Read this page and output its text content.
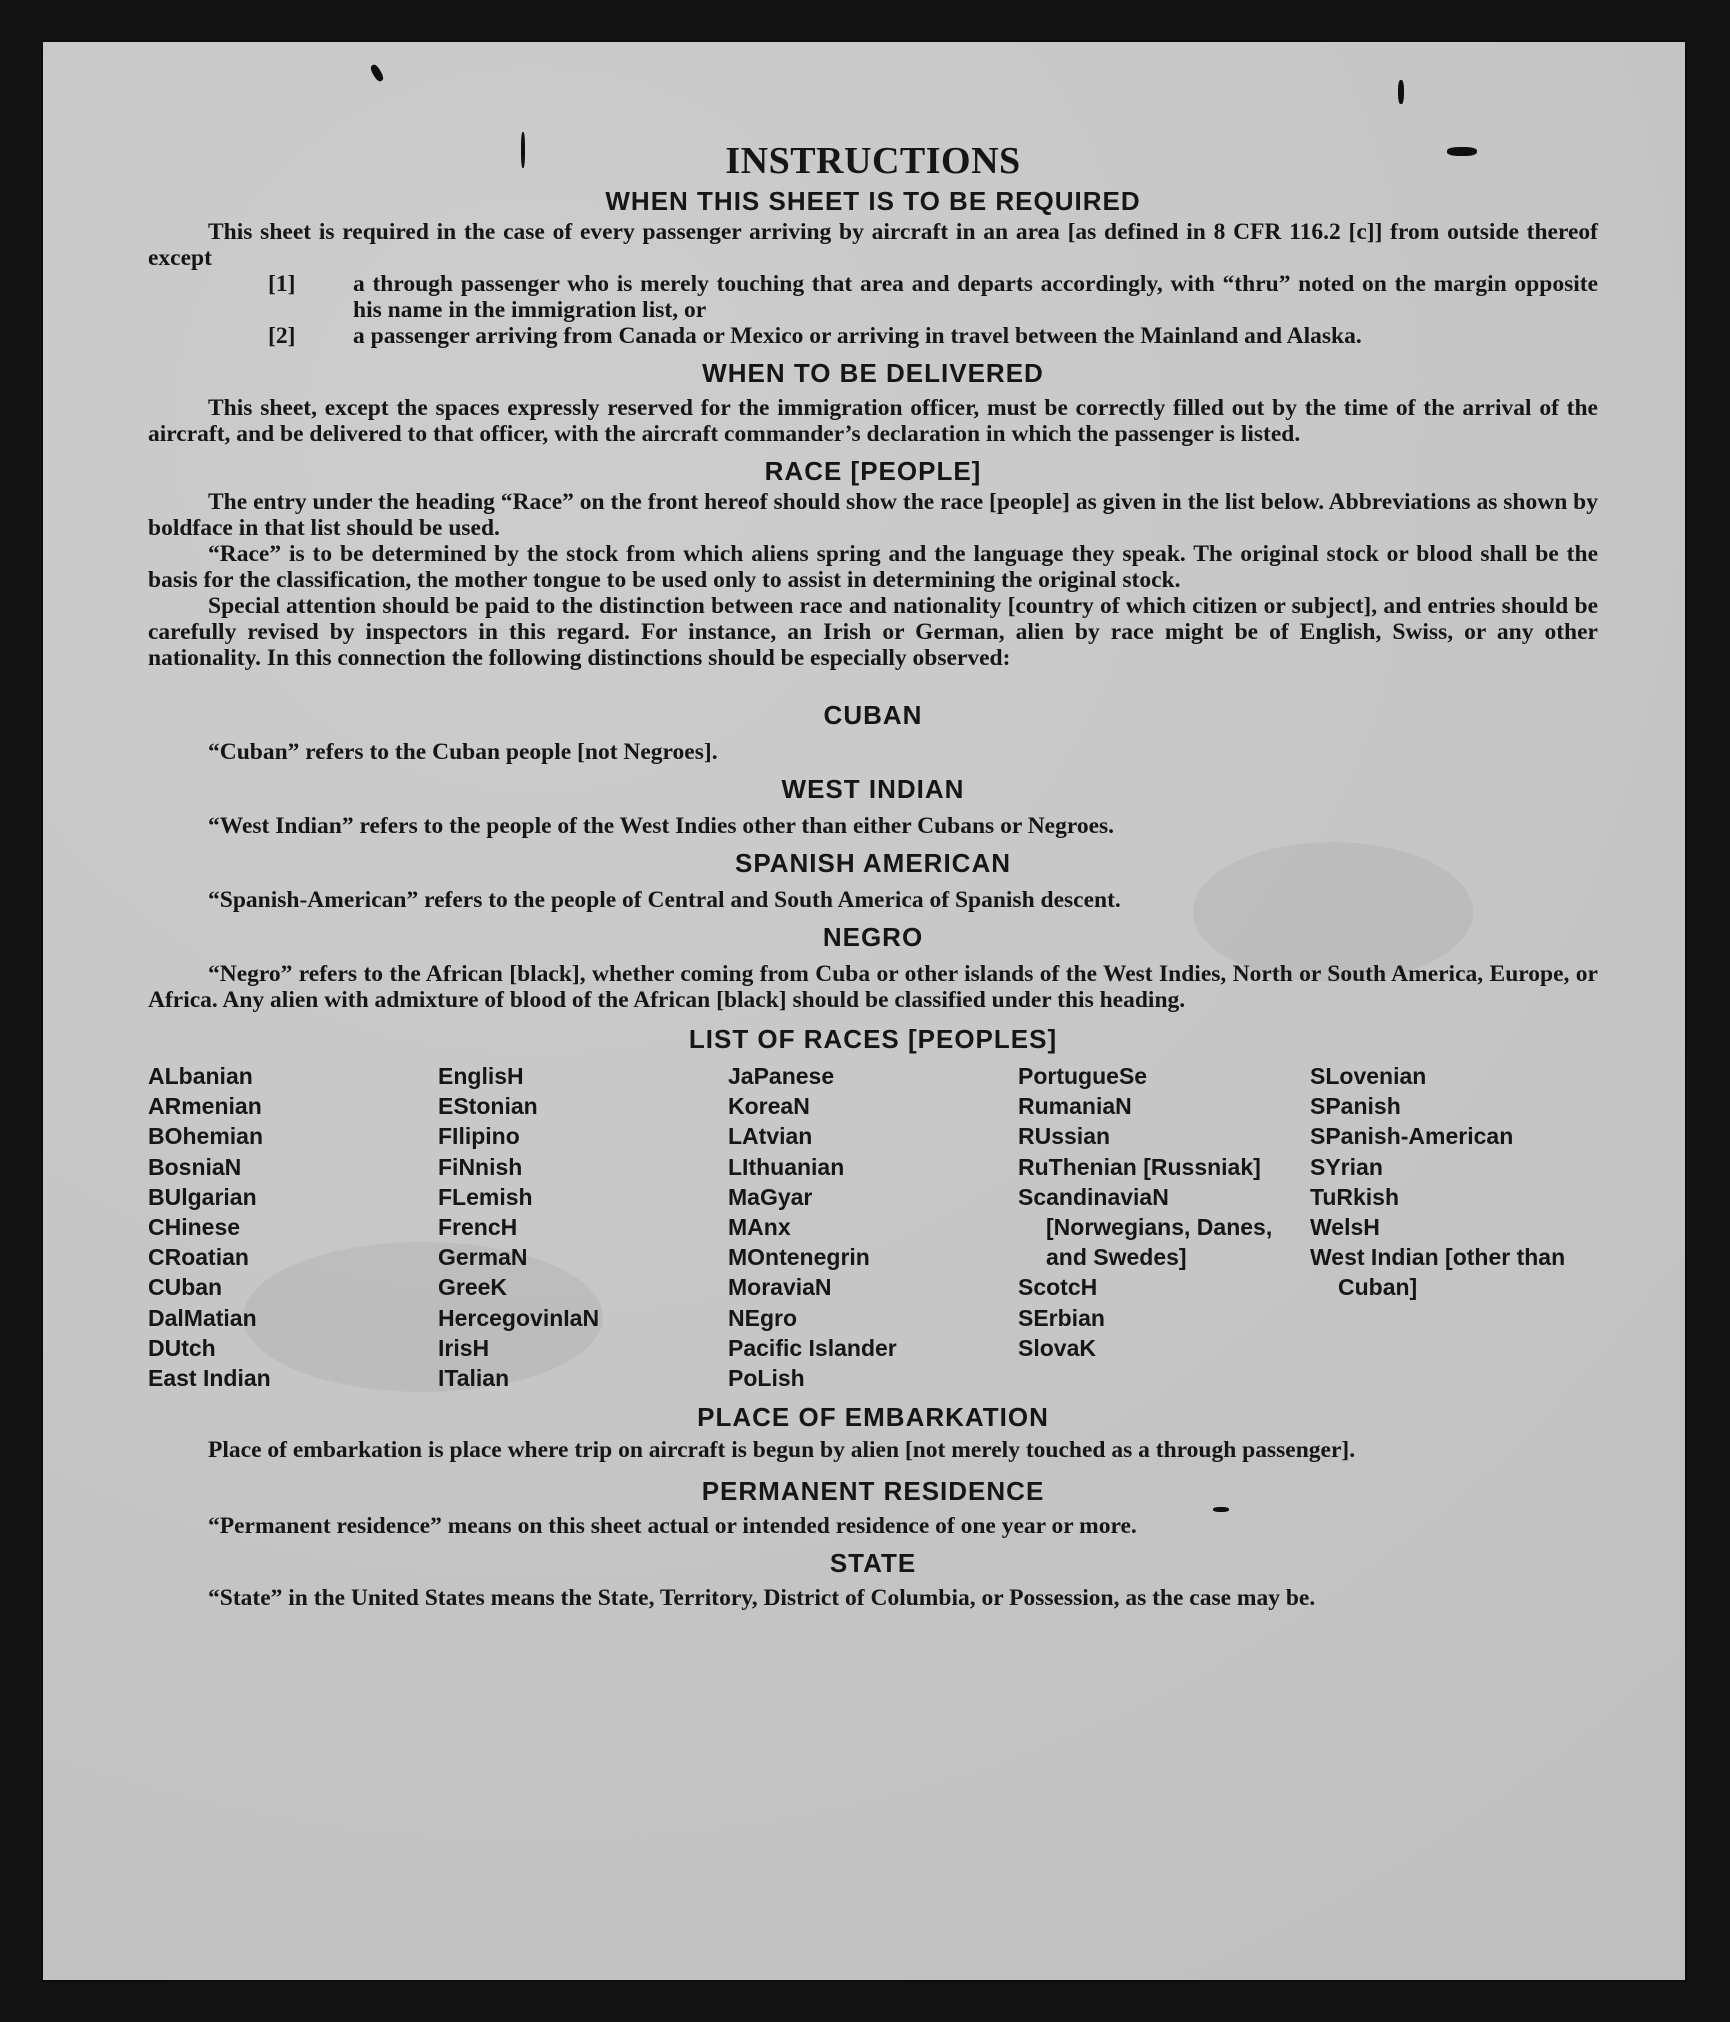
INSTRUCTIONS
WHEN THIS SHEET IS TO BE REQUIRED

This sheet is required in the case of every passenger arriving by aircraft in an area [as defined in 8 CFR 116.2 [c]] from outside thereof except

[1] a through passenger who is merely touching that area and departs accordingly, with “thru” noted on the margin opposite his name in the immigration list, or

[2] a passenger arriving from Canada or Mexico or arriving in travel between the Mainland and Alaska.

WHEN TO BE DELIVERED

This sheet, except the spaces expressly reserved for the immigration officer, must be correctly filled out by the time of the arrival of the aircraft, and be delivered to that officer, with the aircraft commander’s declaration in which the passenger is listed.

RACE [PEOPLE]

The entry under the heading “Race” on the front hereof should show the race [people] as given in the list below. Abbreviations as shown by boldface in that list should be used.

“Race” is to be determined by the stock from which aliens spring and the language they speak. The original stock or blood shall be the basis for the classification, the mother tongue to be used only to assist in determining the original stock.

Special attention should be paid to the distinction between race and nationality [country of which citizen or subject], and entries should be carefully revised by inspectors in this regard. For instance, an Irish or German, alien by race might be of English, Swiss, or any other nationality. In this connection the following distinctions should be especially observed:

CUBAN

“Cuban” refers to the Cuban people [not Negroes].

WEST INDIAN

“West Indian” refers to the people of the West Indies other than either Cubans or Negroes.

SPANISH AMERICAN

“Spanish-American” refers to the people of Central and South America of Spanish descent.

NEGRO

“Negro” refers to the African [black], whether coming from Cuba or other islands of the West Indies, North or South America, Europe, or Africa. Any alien with admixture of blood of the African [black] should be classified under this heading.

LIST OF RACES [PEOPLES]
ALbanian
ARmenian
BOhemian
BosniaN
BUlgarian
CHinese
CRoatian
CUban
DalMatian
DUtch
East Indian
EnglisH
EStonian
FIlipino
FiNnish
FLemish
FrencH
GermaN
GreeK
HercegovinIaN
IrisH
ITalian
JaPanese
KoreaN
LAtvian
LIthuanian
MaGyar
MAnx
MOntenegrin
MoraviaN
NEgro
Pacific Islander
PoLish
PortugueSe
RumaniaN
RUssian
RuThenian [Russniak]
ScandinaviaN [Norwegians, Danes, and Swedes]
ScotcH
SErbian
SlovaK
SLovenian
SPanish
SPanish-American
SYrian
TuRkish
WelsH
West Indian [other than Cuban]
PLACE OF EMBARKATION

Place of embarkation is place where trip on aircraft is begun by alien [not merely touched as a through passenger].

PERMANENT RESIDENCE

“Permanent residence” means on this sheet actual or intended residence of one year or more.

STATE

“State” in the United States means the State, Territory, District of Columbia, or Possession, as the case may be.
